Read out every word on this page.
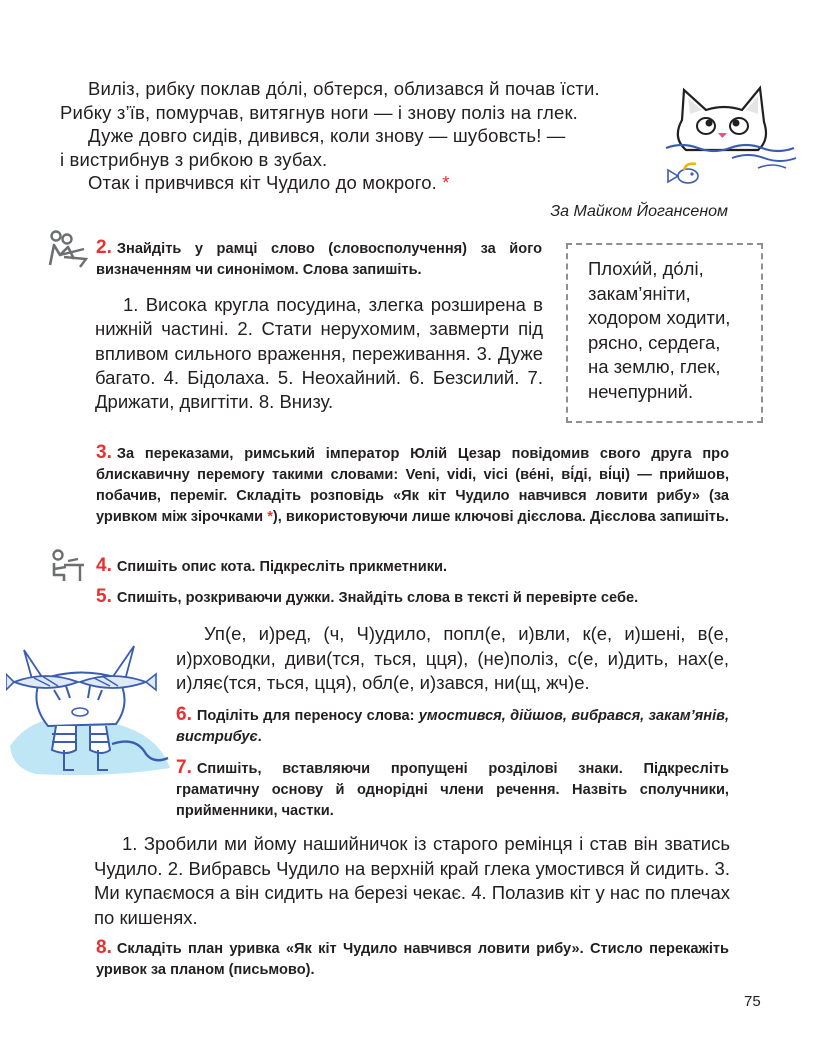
Виліз, рибку поклав до́лі, обтерся, облизався й почав їсти.

Рибку з’їв, помурчав, витягнув ноги — і знову поліз на глек.

Дуже довго сидів, дивився, коли знову — шубовсть! —

і вистрибнув з рибкою в зубах.

Отак і привчився кіт Чудило до мокрого. *

За Майком Йогансеном

2. Знайдіть у рамці слово (словосполучення) за його визначенням чи синонімом. Слова запишіть.

1. Висока кругла посудина, злегка розширена в нижній частині. 2. Стати нерухомим, завмерти під впливом сильного враження, переживання. 3. Дуже багато. 4. Бідолаха. 5. Неохайний. 6. Безсилий. 7. Дрижати, двигтіти. 8. Внизу.
Плохи́й, до́лі,
закам’яніти,
ходором ходити,
рясно, сердега,
на землю, глек,
нечепурний.

3. За переказами, римський імператор Юлій Цезар повідомив свого друга про блискавичну перемогу такими словами: Veni, vidi, vici (ве́ні, ві́ді, ві́ці) — прийшов, побачив, переміг. Складіть розповідь «Як кіт Чудило навчився ловити рибу» (за уривком між зірочками *), використовуючи лише ключові дієслова. Дієслова запишіть.

4. Спишіть опис кота. Підкресліть прикметники.

5. Спишіть, розкриваючи дужки. Знайдіть слова в тексті й перевірте себе.

Уп(е, и)ред, (ч, Ч)удило, попл(е, и)вли, к(е, и)шені, в(е, и)рховодки, диви(тся, ться, цця), (не)поліз, с(е, и)дить, нах(е, и)ляє(тся, ться, цця), обл(е, и)зався, ни(щ, жч)е.

6. Поділіть для переносу слова: умостився, дійшов, вибрався, закам’янів, вистрибує.

7. Спишіть, вставляючи пропущені розділові знаки. Підкресліть граматичну основу й однорідні члени речення. Назвіть сполучники, прийменники, частки.

1. Зробили ми йому нашийничок із старого ремінця і став він зватись Чудило. 2. Вибравсь Чудило на верхній край глека умостився й сидить. 3. Ми купаємося а він сидить на березі чекає. 4. Полазив кіт у нас по плечах по кишенях.

8. Складіть план уривка «Як кіт Чудило навчився ловити рибу». Стисло перекажіть уривок за планом (письмово).

75
